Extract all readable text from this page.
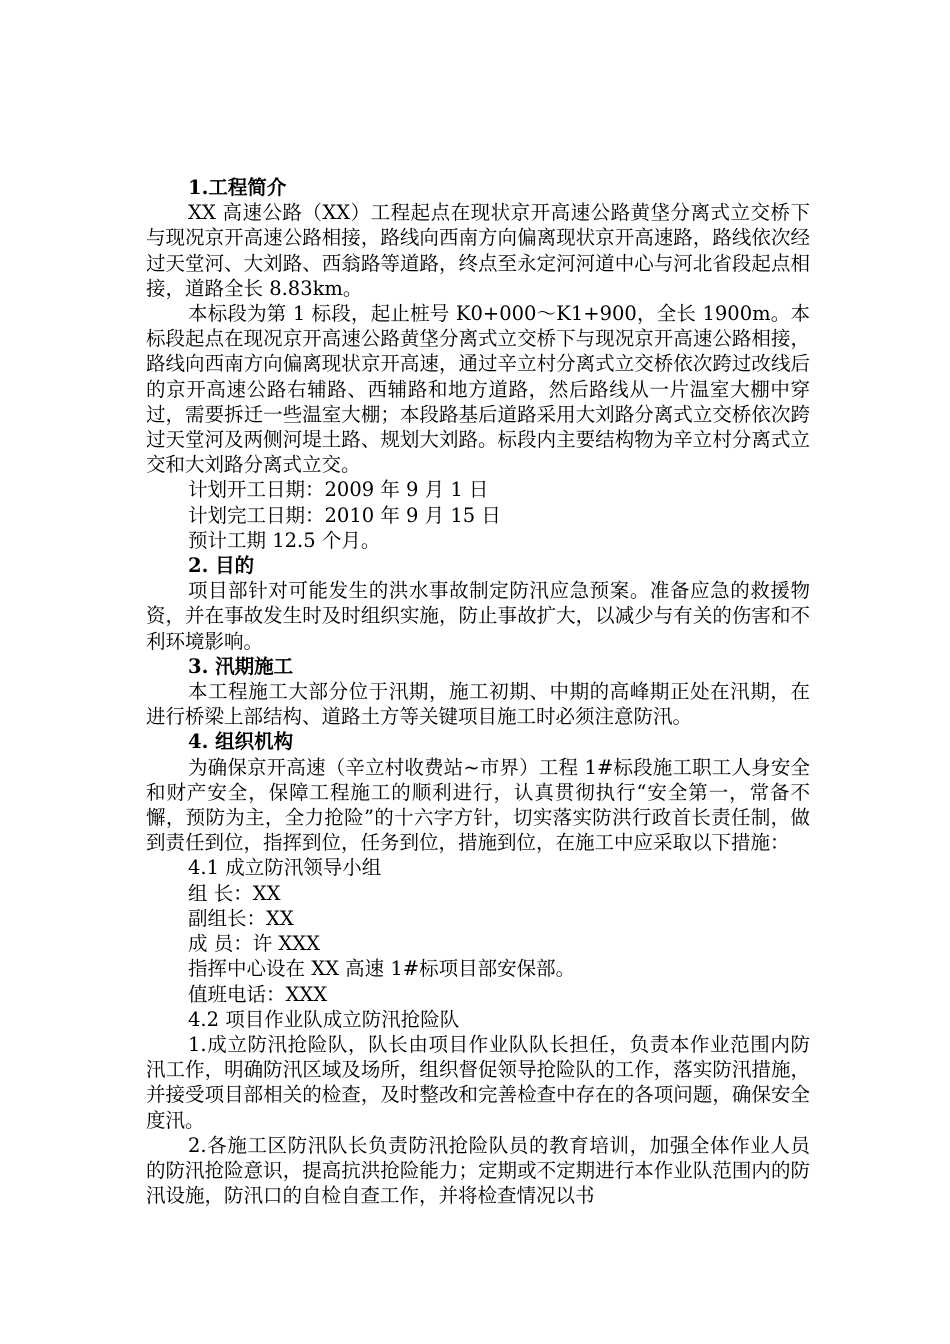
1.工程简介

XX 高速公路（XX）工程起点在现状京开高速公路黄垡分离式立交桥下与现况京开高速公路相接，路线向西南方向偏离现状京开高速路，路线依次经过天堂河、大刘路、西翁路等道路，终点至永定河河道中心与河北省段起点相接，道路全长 8.83km。

本标段为第 1 标段，起止桩号 K0+000～K1+900，全长 1900m。本标段起点在现况京开高速公路黄垡分离式立交桥下与现况京开高速公路相接，路线向西南方向偏离现状京开高速，通过辛立村分离式立交桥依次跨过改线后的京开高速公路右辅路、西辅路和地方道路，然后路线从一片温室大棚中穿过，需要拆迁一些温室大棚；本段路基后道路采用大刘路分离式立交桥依次跨过天堂河及两侧河堤土路、规划大刘路。标段内主要结构物为辛立村分离式立交和大刘路分离式立交。

计划开工日期：2009 年 9 月 1 日

计划完工日期：2010 年 9 月 15 日

预计工期 12.5 个月。

2. 目的

项目部针对可能发生的洪水事故制定防汛应急预案。准备应急的救援物资，并在事故发生时及时组织实施，防止事故扩大，以减少与有关的伤害和不利环境影响。

3. 汛期施工

本工程施工大部分位于汛期，施工初期、中期的高峰期正处在汛期，在进行桥梁上部结构、道路土方等关键项目施工时必须注意防汛。

4. 组织机构

为确保京开高速（辛立村收费站~市界）工程 1#标段施工职工人身安全和财产安全，保障工程施工的顺利进行，认真贯彻执行“安全第一，常备不懈，预防为主，全力抢险”的十六字方针，切实落实防洪行政首长责任制，做到责任到位，指挥到位，任务到位，措施到位，在施工中应采取以下措施：

4.1 成立防汛领导小组

组 长：XX

副组长：XX

成 员：许 XXX

指挥中心设在 XX 高速 1#标项目部安保部。

值班电话：XXX

4.2 项目作业队成立防汛抢险队

1.成立防汛抢险队，队长由项目作业队队长担任，负责本作业范围内防汛工作，明确防汛区域及场所，组织督促领导抢险队的工作，落实防汛措施，并接受项目部相关的检查，及时整改和完善检查中存在的各项问题，确保安全度汛。

2.各施工区防汛队长负责防汛抢险队员的教育培训，加强全体作业人员的防汛抢险意识，提高抗洪抢险能力；定期或不定期进行本作业队范围内的防汛设施，防汛口的自检自查工作，并将检查情况以书
